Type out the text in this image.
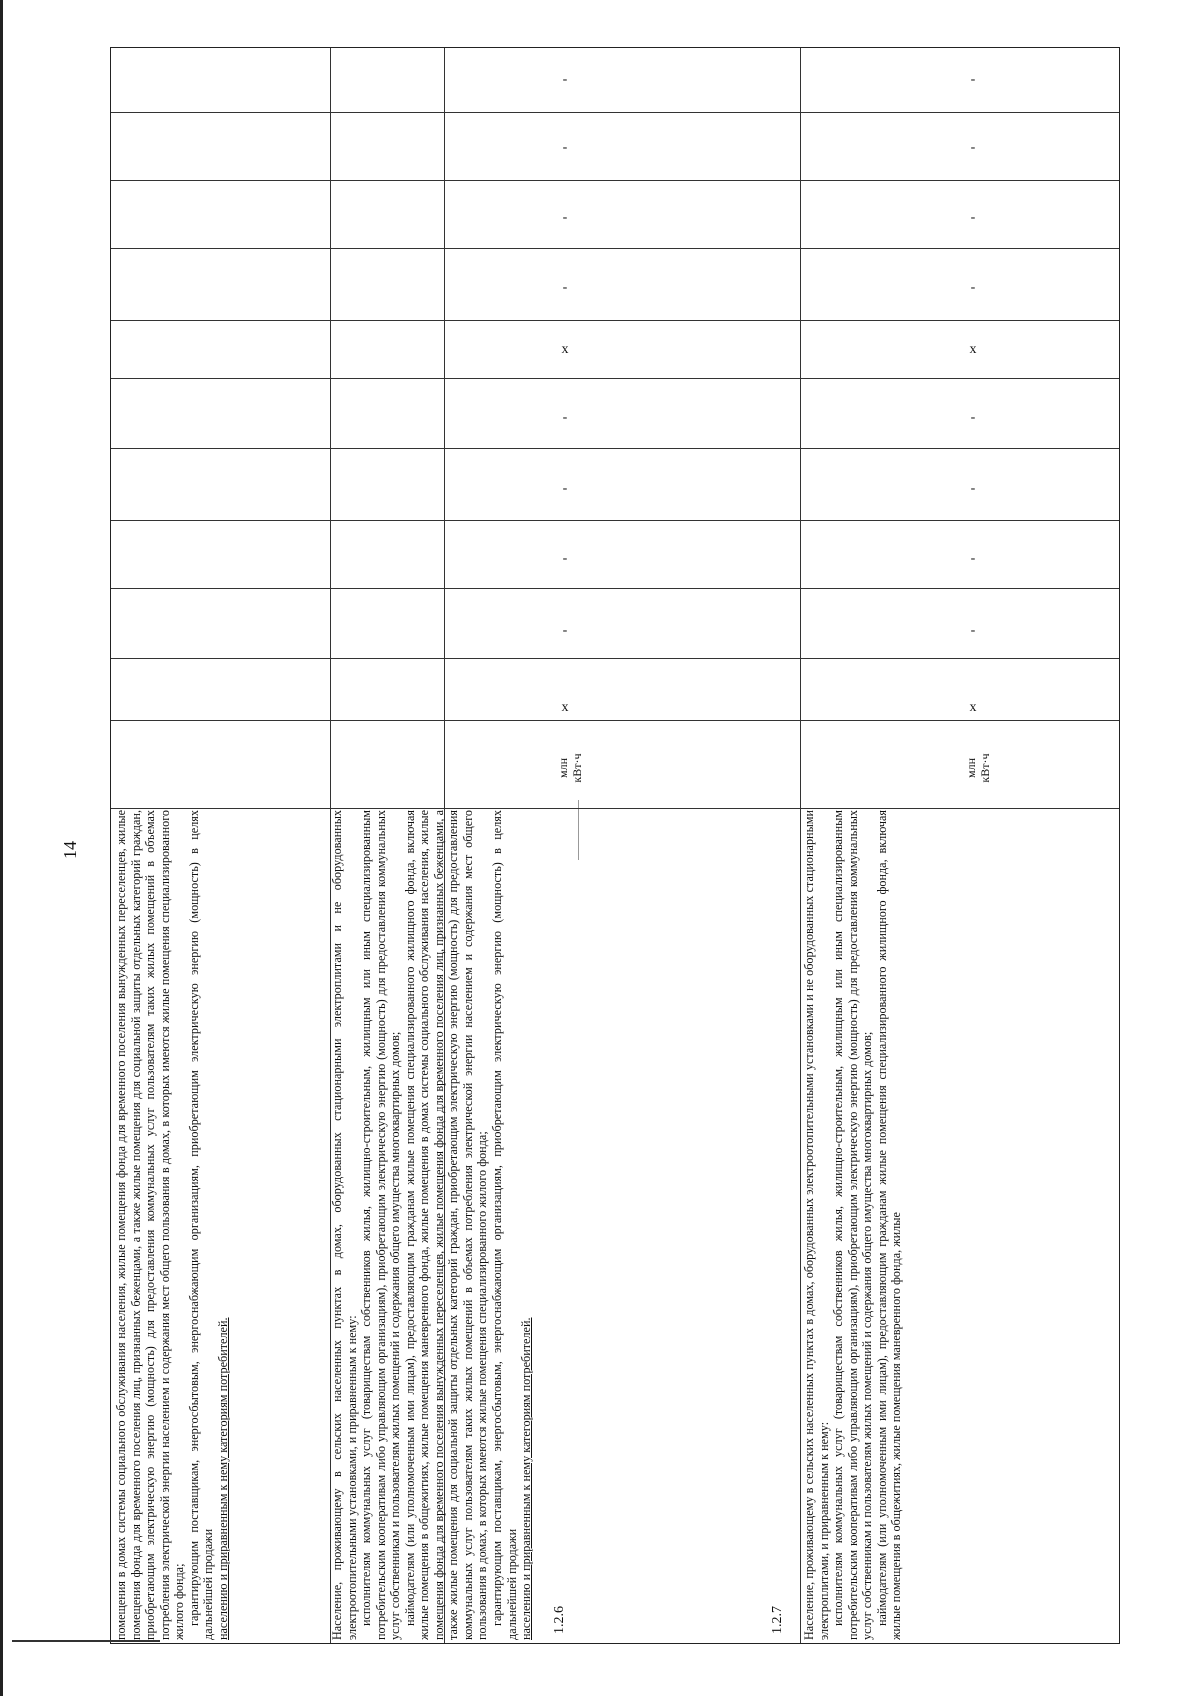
14	помещения в домах системы социального обслуживания населения, жилые помещения фонда для временного поселения вынужденных переселенцев, жилые помещения фонда для временного поселения лиц, признанных беженцами, а также жилые помещения для социальной защиты отдельных категорий граждан, приобретающим электрическую энергию (мощность) для предоставления коммунальных услуг пользователям таких жилых помещений в объемах потребления электрической энергии населением и содержания мест общего пользования в домах, в которых имеются жилые помещения специализированного жилого фонда; гарантирующим поставщикам, энергосбытовым, энергоснабжающим организациям, приобретающим электрическую энергию (мощность) в целях дальнейшей продажи населению и приравненным к нему категориям потребителей.	1.2.6

Население, проживающему в сельских населенных пунктах в домах, оборудованных стационарными электроплитами и не оборудованных электроотопительными установками, и приравненным к нему: исполнителям коммунальных услуг (товариществам собственников жилья, жилищно-строительным, жилищным или иным специализированным потребительским кооперативам либо управляющим организациям), приобретающим электрическую энергию (мощность) для предоставления коммунальных услуг собственникам и пользователям жилых помещений и содержания общего имущества многоквартирных домов; наймодателям (или уполномоченным ими лицам), предоставляющим гражданам жилые помещения специализированного жилищного фонда, включая жилые помещения в общежитиях, жилые помещения маневренного фонда, жилые помещения в домах системы социального обслуживания населения, жилые помещения фонда для временного поселения вынужденных переселенцев, жилые помещения фонда для временного поселения лиц, признанных беженцами, а также жилые помещения для социальной защиты отдельных категорий граждан, приобретающим электрическую энергию (мощность) для предоставления коммунальных услуг пользователям таких жилых помещений в объемах потребления электрической энергии населением и содержания мест общего пользования в домах, в которых имеются жилые помещения специализированного жилого фонда; гарантирующим поставщикам, энергосбытовым, энергоснабжающим организациям, приобретающим электрическую энергию (мощность) в целях дальнейшей продажи населению и приравненным к нему категориям потребителей.

млн кВт·ч
х
-
-
-
-
х
-
-
-
-
1.2.7 Население, проживающему в сельских населенных пунктах в домах, оборудованных электроотопительными установками и не оборудованных стационарными электроплитами, и приравненным к нему: исполнителям коммунальных услуг (товариществам собственников жилья, жилищно-строительным, жилищным или иным специализированным потребительским кооперативам либо управляющим организациям), приобретающим электрическую энергию (мощность) для предоставления коммунальных услуг собственникам и пользователям жилых помещений и содержания общего имущества многоквартирных домов; наймодателям (или уполномоченным ими лицам), предоставляющим гражданам жилые помещения специализированного жилищного фонда, включая жилые помещения в общежитиях, жилые помещения маневренного фонда, жилые

млн кВт·ч
х
-
-
-
-
х
-
-
-
-
